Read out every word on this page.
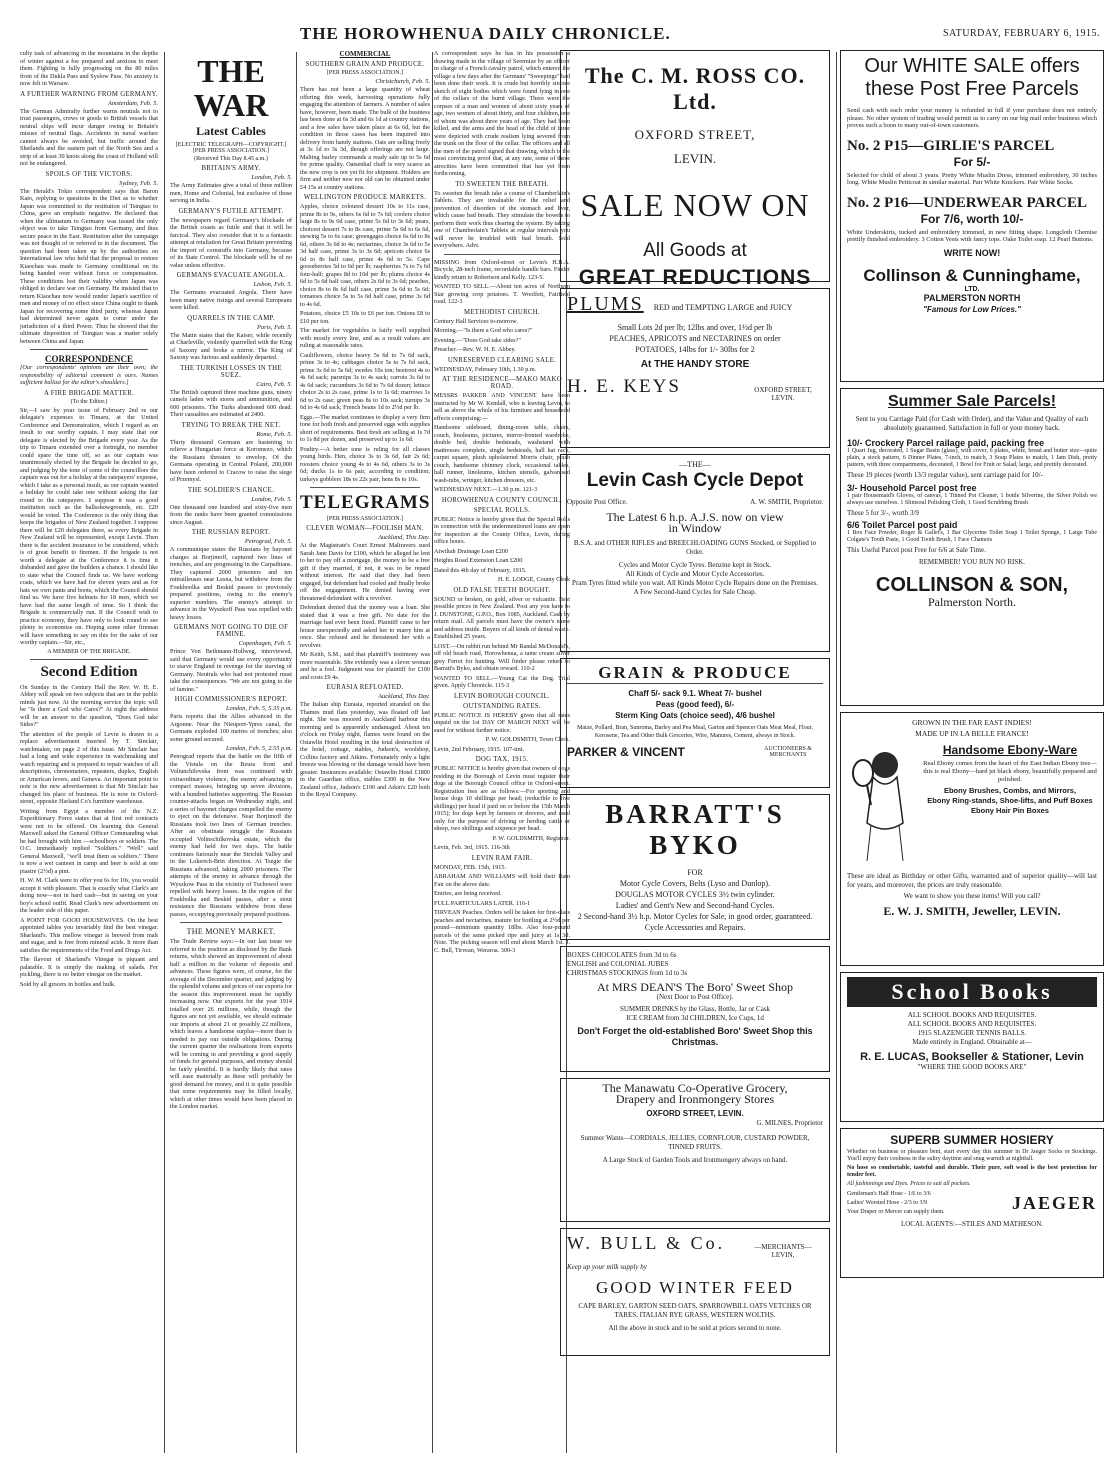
THE HOROWHENUA DAILY CHRONICLE.	SATURDAY, FEBRUARY 6, 1915.

culty task of advancing in the mountains in the depths of winter against a foe prepared and anxious to meet them. Fighting is fully progressing on the 80 miles front of the Dukla Pass and Syslow Pass. No anxiety is now felt in Warsaw.

A FURTHER WARNING FROM GERMANY.
Amsterdam, Feb. 5.

The German Admiralty further warns neutrals not to trust passengers, crews or goods to British vessels that neutral ships will incur danger owing to Britain's misuse of neutral flags. Accidents in naval warfare cannot always be avoided, but traffic around the Shetlands and the eastern part of the North Sea and a strip of at least 30 knots along the coast of Holland will not be endangered.

SPOILS OF THE VICTORS.
Sydney, Feb. 5.

The Herald's Tokio correspondent says that Baron Kato, replying to questions in the Diet as to whether Japan was committed to the restitution of Tsingtao to China, gave an emphatic negative. He declared that when the ultimatum to Germany was issued the only object was to take Tsingtao from Germany, and thus secure peace in the East. Restitution after the campaign was not thought of or referred to in the document. The question had been taken up by the authorities on International law who held that the proposal to restore Kiaochau was made to Germany conditional on its being handed over without force or compensation. These conditions lost their validity when Japan was obliged to declare war on Germany. He insisted that to return Kiaochau now would render Japan's sacrifice of men and money of no effect since China ought to thank Japan for recovering some third party, whereas Japan had determined never again to come under the jurisdiction of a third Power. Thus he showed that the ultimate disposition of Tsingtao was a matter solely between China and Japan.

CORRESPONDENCE

[Our correspondents' opinions are their own; the responsibility of editorial comment is ours. Names sufficient ballast for the editor's shoulders.]

A FIRE BRIGADE MATTER.
(To the Editor.)

Sir,—I saw by your issue of February 2nd re our delegate's expenses to Timaru, at the United Conference and Demonstration, which I regard as an insult to our worthy captain. I may state that our delegate is elected by the Brigade every year. As the trip to Timaru extended over a fortnight, no member could spare the time off, so as our captain was unanimously elected by the Brigade he decided to go, and judging by the tone of some of the councillors the captain was out for a holiday at the ratepayers' expense, which I take as a personal insult, as our captain wanted a holiday he could take one without asking the fair round to the ratepayers. I suppose it was a good institution such as the ballsshowgrounds, etc. £20 would be voted. The Conference is the only thing that keeps the brigades of New Zealand together. I suppose there will be £20 delegates there, as every Brigade in New Zealand will be represented, except Levin. Then there is the accident insurance to be considered, which is of great benefit to firemen. If the brigade is not worth a delegate at the Conference it is time it disbanded and gave the builders a chance. I should like to state what the Council finds us. We have working coats, which we have had for eleven years and as for hats we own pants and boots, which the Council should find us. We have five helmets for 18 men, which we have had the same length of time. So I think the Brigade is commercially run. If the Council wish to practice economy, they have only to look round to see plenty to economise on. Hoping some other fireman will have something to say on this for the sake of our worthy captain.—Sir, etc.,

A MEMBER OF THE BRIGADE.
Second Edition

On Sunday in the Century Hall the Rev. W. H. E. Abbey will speak on two subjects that are in the public minds just now. At the morning service the topic will be "Is there a God who Cares?" At night the address will be an answer to the question, "Does God take Sides?"

The attention of the people of Levin is drawn to a replace advertisement inserted by T. Sinclair, watchmaker, on page 2 of this issue. Mr Sinclair has had a long and wide experience in watchmaking and watch repairing and is prepared to repair watches of all descriptions, chronometers, repeaters, duplex, English or American levers, and Geneva. An important point to note is the new advertisement is that Mr Sinclair has changed his place of business. He is now in Oxford-street, opposite Harland Co's furniture warehouse.

Writing from Egypt a member of the N.Z. Expeditionary Force states that at first red contracts were not to be offered. On learning this General Maxwell asked the General Officer Commanding what he had brought with him —schoolboys or soldiers. The O.C. immediately replied "Soldiers." "Well" said General Maxwell, "we'll treat them as soldiers." There is now a wet canteen in camp and beer is sold at one piastre (2½d) a pint.

H. W. M. Clark were to offer you 6s for 10s, you would accept it with pleasure. That is exactly what Clark's are doing now—not in hard cash—but in saving on your boy's school outfit. Read Clark's new advertisement on the leader side of this paper.

A POINT FOR GOOD HOUSEWIVES. On the best appointed tables you invariably find the best vinegar. Sharland's. This mellow vinegar is brewed from malt and sugar, and is free from mineral acids. It more than satisfies the requirements of the Food and Drugs Act.

The flavour of Sharland's Vinegar is piquant and palatable. It is simply the making of salads. Fer pickling, there is no better vinegar on the market.

Sold by all grocers in bottles and bulk.

THE WAR
Latest Cables
[ELECTRIC TELEGRAPH—COPYRIGHT.] [PER PRESS ASSOCIATION.]
(Received This Day 8.45 a.m.)
BRITAIN'S ARMY.
London, Feb. 5.

The Army Estimates give a total of three million men, Home and Colonial, but exclusive of those serving in India.

GERMANY'S FUTILE ATTEMPT.

The newspapers regard Germany's blockade of the British coasts as futile and that it will be farcical. They also consider that it is a fantastic attempt at retaliation for Great Britain preventing the import of cornstuffs into Germany, because of its State Control. The blockade will be of no value unless effective.

GERMANS EVACUATE ANGOLA.
Lisbon, Feb. 5.

The Germans evacuated Angola. There have been many native risings and several Europeans were killed.

QUARRELS IN THE CAMP.
Paris, Feb. 5.

The Matin states that the Kaiser, while recently at Charleville, violently quarrelled with the King of Saxony and broke a mirror. The King of Saxony was furious and suddenly departed.

THE TURKISH LOSSES IN THE SUEZ.
Cairo, Feb. 5.

The British captured three machine guns, ninety camels laden with stores and ammunition, and 600 prisoners. The Turks abandoned 600 dead. Their casualties are estimated at 2400.

TRYING TO BREAK THE NET.
Rome, Feb. 5.

Thirty thousand Germans are hastening to relieve a Hungarian force at Koromezo, which the Russians threaten to envelop. Of the Germans operating in Central Poland, 200,000 have been ordered to Cracow to raise the siege of Przemysl.

THE SOLDIER'S CHANCE.
London, Feb. 5.

One thousand one hundred and sixty-five men from the ranks have been granted commissions since August.

THE RUSSIAN REPORT.
Petrograd, Feb. 5.

A communique states the Russians by bayonet charges at Borjimoff, captured two lines of trenches, and are progressing in the Carpathians. They captured 2000 prisoners and ten mitrailleuses near Lesna, but withdrew from the Foukhoolka and Beskid passes to previously prepared positions, owing to the enemy's superior numbers. The enemy's attempt to advance in the Wyszkoff Pass was repelled with heavy losses.

GERMANS NOT GOING TO DIE OF FAMINE.
Copenhagen, Feb. 5.

Prince Von Bethmann-Hollweg, interviewed, said that Germany would use every opportunity to starve England in revenge for the starving of Germany. Neutrals who had not protested must take the consequences. "We are not going to die of famine."

HIGH COMMISSIONER'S REPORT.
London, Feb. 5, 5.35 p.m.

Paris reports that the Allies advanced in the Argonne. Near the Nieuport-Ypres canal, the Germans exploded 100 metres of trenches; also some ground secured.

London, Feb. 5, 2.55 p.m.

Petrograd reports that the battle on the fifth of the Vistula on the Bzura front and Voliunchilovska front was continued with extraordinary violence, the enemy advancing in compact masses, bringing up seven divisions, with a hundred batteries supporting. The Russian counter-attacks began on Wednesday night, and a series of bayonet charges compelled the enemy to eject on the defensive. Near Borjimoff the Russians took two lines of German trenches. After an obstinate struggle the Russians occupied Volinschilkovska estate, which the enemy had held for two days. The battle continues furiously near the Strichik Valley and in the Lokertch-Brin direction. At Tsegie the Russians advanced, taking 2000 prisoners. The attempts of the enemy to advance through the Wyszkow Pass in the vicinity of Tuchowol were repelled with heavy losses. In the region of the Foukholka and Beskid passes, after a stout resistance the Russians withdrew from these passes, occupying previously prepared positions.

THE MONEY MARKET.

The Trade Review says:—In our last issue we referred to the position as disclosed by the Bank returns, which showed an improvement of about half a million in the volume of deposits and advances. These figures were, of course, for the average of the December quarter, and judging by the splendid volume and prices of our exports for the season this improvement must be rapidly increasing now. Our exports for the year 1914 totalled over 26 millions, while, though the figures are not yet available, we should estimate our imports at about 21 or possibly 22 millions, which leaves a handsome surplus—more than is needed to pay our outside obligations. During the current quarter the realisations from exports will be coming in and providing a good supply of funds for general purposes, and money should be fairly plentiful. It is hardly likely that rates will ease materially as these will probably be good demand for money, and it is quite possible that some requirements may be filled locally, which at other times would have been placed in the London market.

COMMERCIAL
SOUTHERN GRAIN AND PRODUCE.
[PER PRESS ASSOCIATION.]
Christchurch, Feb. 5.

There has not been a large quantity of wheat offering this week, harvesting operations fully engaging the attention of farmers. A number of sales have, however, been made. The bulk of the business has been done at 6s 3d and 6s 1d at country stations, and a few sales have taken place at 6s 6d, but the condition in those cases has been inquired into delivery from handy stations. Oats are selling freely at 3s 1d to 3s 3d, though offerings are not large. Malting barley commands a ready sale up to 5s 6d for prime quality. Oatsenhaf chaff is very scarce as the new crop is not yet fit for shipment. Holders are firm and neither new nor old can be obtained under £4 15s at country stations.

WELLINGTON PRODUCE MARKETS.

Apples, choice coloured dessert 10s to 11s case, prime 8s to 9s, others 6s 6d to 7s 6d; coolers choice large 8s to 9s 6d case, prime 5s 6d to 3s 6d; pears, choicest dessert 7s to 8s case, prime 5s 6d to 6s 6d, stewing 5s to 6s case; greengages choice 6s 6d to 8s 6d, others 3s 6d to 4s; nectarines, choice 3s 6d to 5s 3d half case, prime 3s to 3s 6d; apricots choice 6s 6d to 8s half case, prime 4s 6d to 5s. Cape gooseberries 5d to 6d per lb; raspberries 7s to 7s 6d four-half; grapes 8d to 10d per lb; plums choice 4s 6d to 5s 6d half case, others 2s 6d to 3s 6d; peaches, choice 8s to 8s 6d half case, prime 3s 6d to 5s 6d; tomatoes choice 5s to 5s 6d half case, prime 3s 6d to 4s 6d.

Potatoes, choice £5 10s to £6 per ton. Onions £8 to £10 per ton.

The market for vegetables is fairly well supplied with mostly every line, and as a result values are ruling at reasonable rates.

Cauliflowers, choice heavy 5s 6d to 7s 6d sack, prime 3s to 4s; cabbages choice 5s to 7s 6d sack, prime 3s 6d to 5s 6d; swedes 10s ton; beetroot 4s to 4s 6d sack; parsnips 3s to 4s sack; carrots 3s 6d to 4s 6d sack; cucumbers 3s 6d to 7s 6d dozen; lettuce choice 2s to 2s case, prime 1s to 1s 6d; marrows 1s 6d to 2s case; green peas 8s to 10s sack; turnips 3s 6d to 4s 6d sack; French beans 1d to 2½d per lb.

Eggs.—The market continues to display a very firm tone for both fresh and preserved eggs with supplies short of requirements. Best fresh are selling at 1s 7d to 1s 8d per dozen, and preserved up to 1s 6d.

Poultry.—A better tone is ruling for all classes young birds. Hen, choice 3s to 3s 6d, fair 2s 6d; roosters choice young 4s to 4s 6d, others 3s to 3s 6d; ducks 1s to 6s pair, according to condition; turkeys gobblers 18s to 22s pair, hens 8s to 10s.

TELEGRAMS
[PER PRESS ASSOCIATION.]
CLEVER WOMAN—FOOLISH MAN.
Auckland, This Day.

At the Magistrate's Court Ernest Maltravers sued Sarah Jane Davis for £100, which he alleged he lent to her to pay off a mortgage, the money to be a free gift if they married, if not, it was to be repaid without interest. He said that they had been engaged, but defendant had cooled and finally broke off the engagement. He denied having ever threatened defendant with a revolver.

Defendant denied that the money was a loan. She stated that it was a free gift. No date for the marriage had ever been fixed. Plaintiff came to her house unexpectedly and asked her to marry him at once. She refused and he threatened her with a revolver.

Mr Keith, S.M., said that plaintiff's testimony was more reasonable. She evidently was a clever woman and he a fool. Judgment was for plaintiff for £100 and costs £9 4s.

EURASIA REFLOATED.
Auckland, This Day.

The Italian ship Eurasia, reported stranded on the Thames mud flats yesterday, was floated off last night. She was moored in Auckland harbour this morning and is apparently undamaged. About ten o'clock on Friday night, flames were found on the Ostawlin Hotel resulting in the total destruction of the hotel, cottage, stables, Judson's, woolshop, Collins factory and Atkins. Fortunately only a light breeze was blowing or the damage would have been greater. Insurances available: Ostawlin Hotel £1800 in the Guardian office, stables £300 in the New Zealand office, Judson's £100 and Atkin's £20 both in the Royal Company.

A correspondent says he has in his possession a drawing made in the village of Seremize by an officer in charge of a French cavalry patrol, which entered the village a few days after the Germans' "Sweepings" had been done their work. It is crude but horribly sincere sketch of eight bodies which were found lying in one of the cellars of the burnt village. There were the corpses of a man and women of about sixty years of age, two women of about thirty, and four children, one of whom was about three years of age. They had been killed, and the arms and the head of the child of three were depicted with crude realism lying severed from the trunk on the floor of the cellar. The officers and all the men of the patrol signed that drawing, which is the most convincing proof that, at any rate, some of these atrocities have been committed that has yet been forthcoming.

TO SWEETEN THE BREATH.

To sweeten the breath take a course of Chamberlain's Tablets. They are invaluable for the relief and prevention of disorders of the stomach and liver, which cause bad breath. They stimulate the bowels to perform their work thus clearing the system. By taking one of Chamberlain's Tablets at regular intervals you will never be troubled with bad breath. Sold everywhere. Advt.

MISSING from Oxford-street or Levin's H.B.A. Bicycle, 28-inch frame, recordable handle bars. Finder kindly return to Robertson and Kelly. 123-5.

WANTED TO SELL.—About ten acres of Northern Star growing crop potatoes. T. Woolfett, Fairfield road. 122-3

METHODIST CHURCH.

Century Hall Services to-morrow.

Morning.—"Is there a God who cares?"

Evening.—"Does God take sides?"

Preacher.—Rev. W. H. E. Abbey.

UNRESERVED CLEARING SALE.

WEDNESDAY, February 10th, 1.30 p.m.

AT THE RESIDENCE—MAKO MAKO ROAD.

MESSRS PARKER AND VINCENT have been instructed by Mr W. Kendall, who is leaving Levin, to sell as above the whole of his furniture and household effects comprising:—

Handsome sideboard, dining-room table, chairs, couch, linoleums, pictures, mirror-fronted wardrobe, double bed, double bedsteads, washstand with mattresses complete, single bedsteads, hall hat rack, carpet square, plush upholstered Morris chair, plush couch, handsome chimney clock, occasional tables, hall runner, linoleums, kitchen utensils, galvanised wash-tubs, wringer, kitchen dressers, etc.

WEDNESDAY NEXT.—1.30 p.m. 121-3

HOROWHENUA COUNTY COUNCIL.
SPECIAL ROLLS.

PUBLIC Notice is hereby given that the Special Rolls in connection with the undermentioned loans are open for inspection at the County Office, Levin, during office hours.

Atwiltah Drainage Loan £200

Heights Road Extension Loan £200

Dated this 4th day of February, 1915.

H. E. LODGE, County Clerk

OLD FALSE TEETH BOUGHT.

SOUND or broken, on gold, silver or vulcanite. Best possible prices in New Zealand. Post any you have to J. DUNSTONE, G.P.O., Box 1085, Auckland. Cash by return mail. All parcels must have the owner's name and address inside. Buyers of all kinds of dental waste. Established 25 years.

LOST.—On rabbit run behind Mr Randal McDonald's, off old beach road, Horowhenua, a tame cream silver grey Ferret for hunting. Will finder please return to Barratt's Byko, and obtain reward. 110-2

WANTED TO SELL.—Young Cat the Dog. Trial given. Apply Chronicle. 115-3

LEVIN BOROUGH COUNCIL.
OUTSTANDING RATES.

PUBLIC NOTICE IS HEREBY given that all rates unpaid on the 1st DAY OF MARCH NEXT will be sued for without further notice.

P. W. GOLDSMITH, Town Clerk.

Levin, 2nd February, 1915. 107-tint.

DOG TAX, 1915.

PUBLIC NOTICE is hereby given that owners of dogs residing in the Borough of Levin must register their dogs at the Borough Council office in Oxford-street. Registration fees are as follows:—For sporting and house dogs 10 shillings per head; (reducible to five shillings) per head if paid on or before the 15th March 1915); for dogs kept by farmers or drovers, and used only for the purpose of driving or herding cattle or sheep, two shillings and sixpence per head.

P. W. GOLDSMITH, Registrar.

Levin, Feb. 3rd, 1915. 116-3th

LEVIN RAM FAIR.

MONDAY, FEB. 15th, 1915.

ABRAHAM AND WILLIAMS will hold their Ram Fair on the above date.

Entries, are being received.

FULL PARTICULARS LATER. 116-1

TIRVEAN Peaches. Orders will be taken for first-class peaches and nectarines, mature for bottling at 2½d per pound—minimum quantity 18lbs. Also four-pound parcels of the same picked ripe and juicy at 1s 3d. Note. The picking season will end about March 1st. J. C. Bull, Tirvean, Weraroa. 300-3

The C. M. ROSS CO. Ltd.
OXFORD STREET,
LEVIN.
SALE NOW ON
All Goods at
GREAT REDUCTIONS
PLUMS RED and TEMPTING LARGE and JUICY
Small Lots 2d per lb; 12lbs and over, 1½d per lb
PEACHES, APRICOTS and NECTARINES on order
POTATOES, 14lbs for 1/- 30lbs for 2
At THE HANDY STORE
H. E. KEYS	OXFORD STREET, LEVIN.
—THE—
Levin Cash Cycle Depot
Opposite Post Office.	A. W. SMITH, Proprietor.
The Latest 6 h.p. A.J.S. now on view
in Window
B.S.A. and OTHER RIFLES and BREECHLOADING GUNS Stocked, or Supplied to Order.
Cycles and Motor Cycle Tyres. Benzine kept in Stock.
All Kinds of Cycle and Motor Cycle Accessories.
Pram Tyres fitted while you wait. All Kinds Motor Cycle Repairs done on the Premises.
A Few Second-hand Cycles for Sale Cheap.
GRAIN & PRODUCE
Chaff 5/- sack 9.1. Wheat 7/- bushel
Peas (good feed), 6/-
Sterm King Oats (choice seed), 4/6 bushel
Maize, Pollard, Bran, Sunroma, Barley and Pea Meal, Garton and Spencer Oats Meat Meal, Flour, Kerosene, Tea and Other Bulk Groceries, Wire, Manures, Cement, always in Stock.
PARKER & VINCENT	AUCTIONEERS & MERCHANTS
BARRATT'S BYKO
FOR
Motor Cycle Covers, Belts (Lyso and Dunlop).
DOUGLAS MOTOR CYCLES 3½ twin cylinder.
Ladies' and Gent's New and Second-hand Cycles.
2 Second-hand 3½ h.p. Motor Cycles for Sale, in good order, guaranteed.
Cycle Accessories and Repairs.
BOXES CHOCOLATES from 3d to 6s
ENGLISH and COLONIAL JUBES
CHRISTMAS STOCKINGS from 1d to 3s
At MRS DEAN'S The Boro' Sweet Shop
(Next Door to Post Office).
SUMMER DRINKS by the Glass, Bottle, Jar or Cask
ICE CREAM from 3d CHILDREN, Ice Cups, 1d
Don't Forget the old-established Boro' Sweet Shop this Christmas.
The Manawatu Co-Operative Grocery,
Drapery and Ironmongery Stores
OXFORD STREET, LEVIN.
G. MILNES, Proprietor
Summer Wants—CORDIALS, JELLIES, CORNFLOUR, CUSTARD POWDER, TINNED FRUITS.
A Large Stock of Garden Tools and Ironmongery always on hand.
W. BULL & Co.	—MERCHANTS— LEVIN,
Keep up your milk supply by
GOOD WINTER FEED
CAPE BARLEY, GARTON SEED OATS, SPARROWBILL OATS VETCHES OR TARES, ITALIAN RYE GRASS, WESTERN WOLTHS.
All the above in stock and to be sold at prices second to none.
Our WHITE SALE offers these Post Free Parcels

Send cash with each order your money is refunded in full if your purchase does not entirely please. No other system of trading would permit us to carry on our big mail order business which proves such a boon to many out-of-town customers.

No. 2 P15—GIRLIE'S PARCEL
For 5/-

Selected for child of about 3 years. Pretty White Muslin Dress, trimmed embroidery, 30 inches long. White Muslin Petticoat in similar material. Pair White Knickers. Pair White Socks.

No. 2 P16—UNDERWEAR PARCEL
For 7/6, worth 10/-

White Underskirts, tucked and embroidery trimmed, in new fitting shape. Longcloth Chemise prettily finished embroidery. 3 Cotton Vests with fancy tops. Oake Toilet soap. 12 Pearl Buttons.

WRITE NOW!
Collinson & Cunninghame,
LTD.
PALMERSTON NORTH
"Famous for Low Prices."
Summer Sale Parcels!

Sent to you Carriage Paid (for Cash with Order), and the Value and Quality of each absolutely guaranteed. Satisfaction in full or your money back.

10/- Crockery Parcel railage paid, packing free

1 Quart Jug, decorated, 1 Sugar Basin (glass), with cover, 6 plates, white, bread and butter size—quite plain, a stock pattern, 6 Dinner Plates, 7-inch, to match, 3 Soup Plates to match, 1 Jam Dish, pretty pattern, with three compartments, decorated, 1 Bowl for Fruit or Salad, large, and prettily decorated.

These 19 pieces (worth 13/3 regular value), sent carriage paid for 10/-

3/- Household Parcel post free

1 pair Housemaid's Gloves, of canvas, 1 Tinned Pot Cleaner, 1 bottle Silverine, the Silver Polish we always use ourselves. 1 Slimsoul Polishing Cloth, 1 Good Scrubbing Brush

These 5 for 3/-, worth 3/9

6/6 Toilet Parcel post paid

1 Box Face Powder, Roger & Gallet's, 1 Bar Glycerine Toilet Soap 1 Toilet Sponge, 1 Large Tube Colgate's Tooth Paste, 1 Good Tooth Brush, 1 Face Chamois

This Useful Parcel post Free for 6/6 at Sale Time.

REMEMBER! YOU RUN NO RISK.
COLLINSON & SON,
Palmerston North.
GROWN IN THE FAR EAST INDIES!
MADE UP IN LA BELLE FRANCE!
Handsome Ebony-Ware

Real Ebony comes from the heart of the East Indian Ebony tree—this is real Ebony—hard jet black ebony, beautifully prepared and polished.

Ebony Brushes, Combs, and Mirrors,
Ebony Ring-stands, Shoe-lifts, and Puff Boxes
Ebony Hair Pin Boxes

These are ideal as Birthday or other Gifts, warranted and of superior quality—will last for years, and moreover, the prices are truly reasonable.

We want to show you these items! Will you call?

E. W. J. SMITH, Jeweller, LEVIN.
School Books
ALL SCHOOL BOOKS AND REQUISITES.
ALL SCHOOL BOOKS AND REQUISITES.
1915 SLAZENGER TENNIS BALLS.
Made entirely in England. Obtainable at—
R. E. LUCAS, Bookseller & Stationer, Levin
"WHERE THE GOOD BOOKS ARE"
SUPERB SUMMER HOSIERY

Whether on business or pleasure bent, start every day this summer in Dr Jaeger Socks or Stockings. You'll enjoy their coolness in the sultry daytime and snug warmth at nightfall.

No hose so comfortable, tasteful and durable. Their pure, soft wool is the best protection for tender feet.

All fashionings and Dyes. Prices to suit all pockets.

Gentleman's Half Hose - 1/6 to 3/6
Ladies' Worsted Hose - 2/3 to 3/9
Your Draper or Mercer can supply them.	JAEGER
LOCAL AGENTS:—STILES AND MATHESON.
